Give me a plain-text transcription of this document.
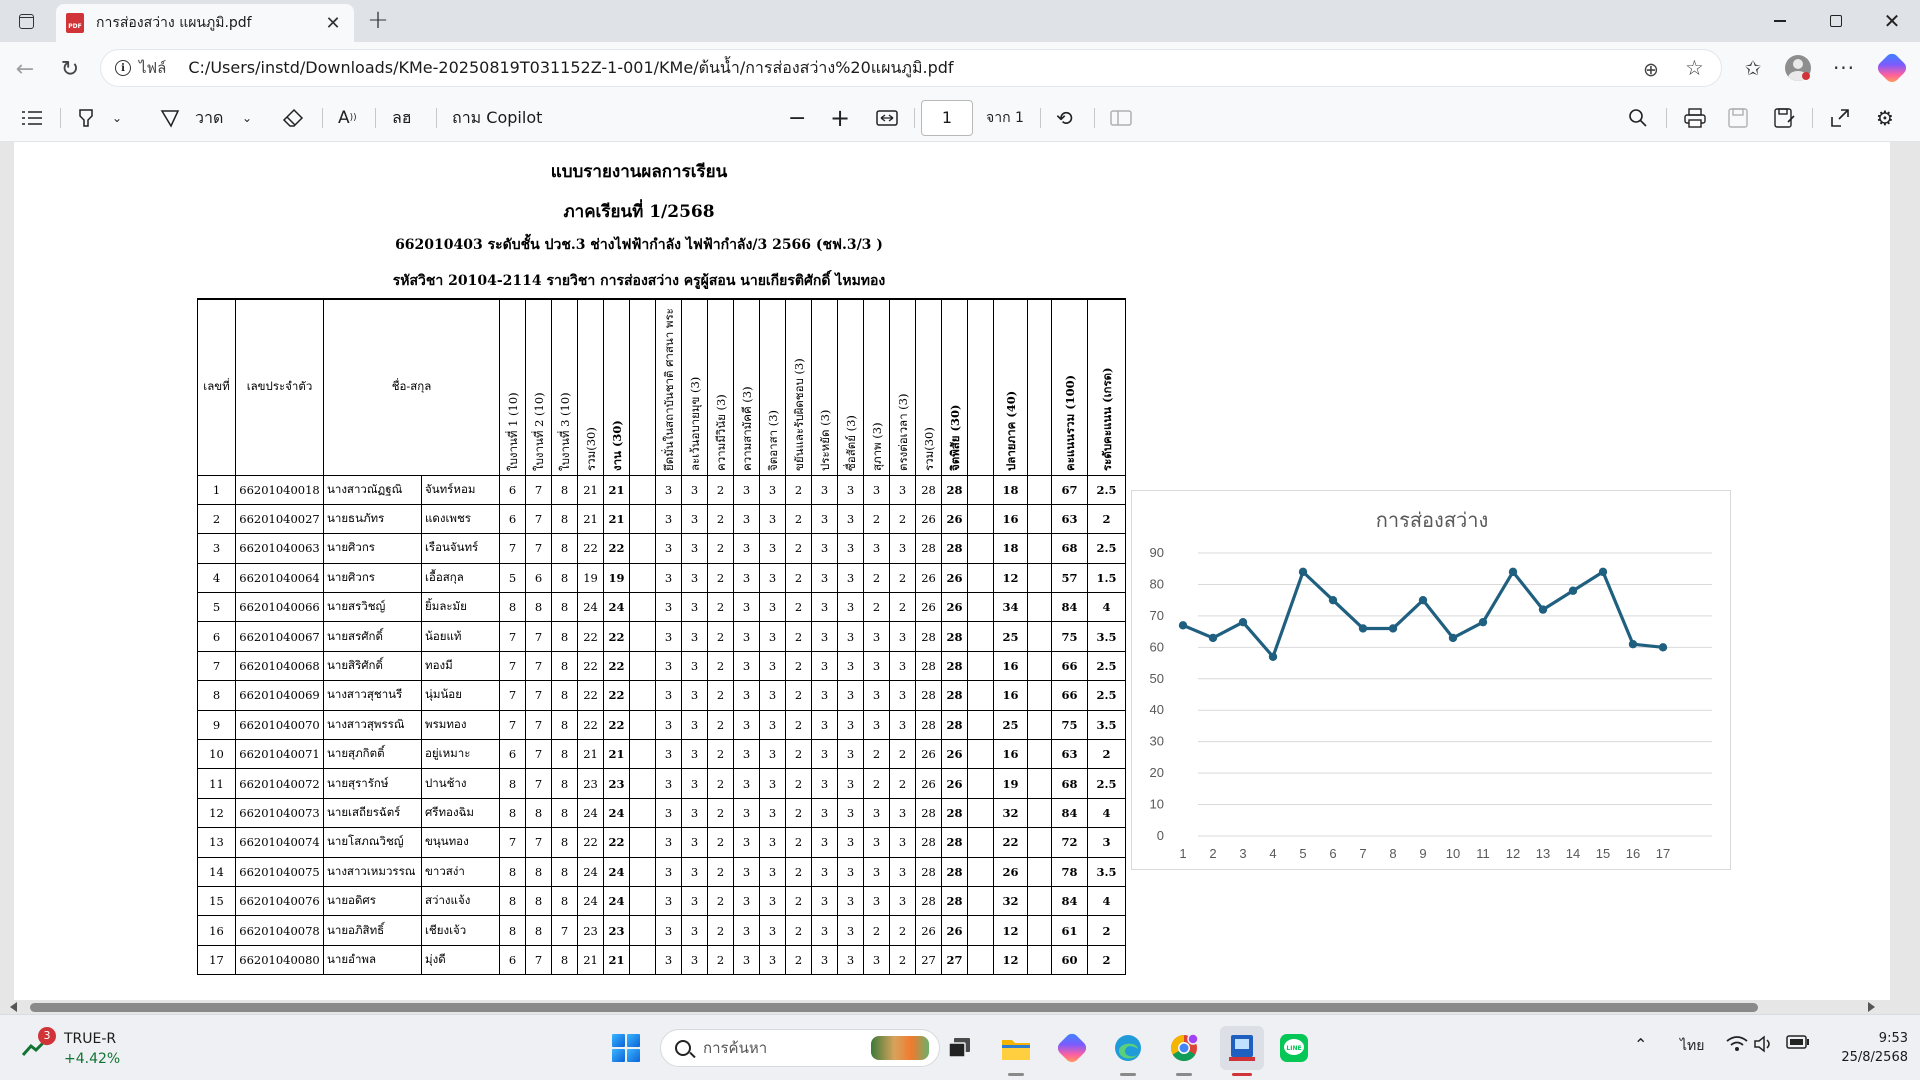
PDF การส่องสว่าง แผนภูมิ.pdf	✕ +	✕
← ↻	i ไฟล์ C:/Users/instd/Downloads/KMe-20250819T031152Z-1-001/KMe/ต้นน้ำ/การส่องสว่าง%20แผนภูมิ.pdf	⊕ ☆	✩	···
⌄	วาด ⌄	A )) ลฮ	ถาม Copilot	− +	1	จาก 1 ⟲	⚙
แบบรายงานผลการเรียน
ภาคเรียนที่ 1/2568
662010403 ระดับชั้น ปวช.3 ช่างไฟฟ้ากำลัง ไฟฟ้ากำลัง/3 2566 (ชฟ.3/3 )
รหัสวิชา 20104-2114 รายวิชา การส่องสว่าง ครูผู้สอน นายเกียรติศักดิ์ ไหมทอง
เลขที่	เลขประจำตัว	ชื่อ-สกุล		ใบงานที่ 1 (10)	ใบงานที่ 2 (10)	ใบงานที่ 3 (10)	รวม(30)	งาน (30)		ยึดมั่นในสถาบันชาติ ศาสนา พระ	ละเว้นอบายมุข (3)	ความมีวินัย (3)	ความสามัคคี (3)	จิตอาสา (3)	ขยันและรับผิดชอบ (3)	ประหยัด (3)	ซื่อสัตย์ (3)	สุภาพ (3)	ตรงต่อเวลา (3)	รวม(30)	จิตพิสัย (30)		ปลายภาค (40)		คะแนนรวม (100)	ระดับคะแนน (เกรด)
1	66201040018	นางสาวณัฏฐณิ	จันทร์หอม	6	7	8	21	21		3	3	2	3	3	2	3	3	3	3	28	28		18		67	2.5
2	66201040027	นายธนภัทร	แดงเพชร	6	7	8	21	21		3	3	2	3	3	2	3	3	2	2	26	26		16		63	2
3	66201040063	นายศิวกร	เรือนจันทร์	7	7	8	22	22		3	3	2	3	3	2	3	3	3	3	28	28		18		68	2.5
4	66201040064	นายศิวกร	เอื้อสกุล	5	6	8	19	19		3	3	2	3	3	2	3	3	2	2	26	26		12		57	1.5
5	66201040066	นายสรวิชญ์	ยิ้มละมัย	8	8	8	24	24		3	3	2	3	3	2	3	3	2	2	26	26		34		84	4
6	66201040067	นายสรศักดิ์	น้อยแท้	7	7	8	22	22		3	3	2	3	3	2	3	3	3	3	28	28		25		75	3.5
7	66201040068	นายสิริศักดิ์	ทองมี	7	7	8	22	22		3	3	2	3	3	2	3	3	3	3	28	28		16		66	2.5
8	66201040069	นางสาวสุชานรี	นุ่มน้อย	7	7	8	22	22		3	3	2	3	3	2	3	3	3	3	28	28		16		66	2.5
9	66201040070	นางสาวสุพรรณิ	พรมทอง	7	7	8	22	22		3	3	2	3	3	2	3	3	3	3	28	28		25		75	3.5
10	66201040071	นายสุภกิตติ์	อยู่เหมาะ	6	7	8	21	21		3	3	2	3	3	2	3	3	2	2	26	26		16		63	2
11	66201040072	นายสุรารักษ์	ปานช้าง	8	7	8	23	23		3	3	2	3	3	2	3	3	2	2	26	26		19		68	2.5
12	66201040073	นายเสถียรฉัตร์	ศรีทองฉิม	8	8	8	24	24		3	3	2	3	3	2	3	3	3	3	28	28		32		84	4
13	66201040074	นายโสภณวิชญ์	ขนุนทอง	7	7	8	22	22		3	3	2	3	3	2	3	3	3	3	28	28		22		72	3
14	66201040075	นางสาวเหมวรรณ	ขาวสง่า	8	8	8	24	24		3	3	2	3	3	2	3	3	3	3	28	28		26		78	3.5
15	66201040076	นายอดิศร	สว่างแจ้ง	8	8	8	24	24		3	3	2	3	3	2	3	3	3	3	28	28		32		84	4
16	66201040078	นายอภิสิทธิ์	เชียงเจ้ว	8	8	7	23	23		3	3	2	3	3	2	3	3	2	2	26	26		12		61	2
17	66201040080	นายอำพล	มุ่งดี	6	7	8	21	21		3	3	2	3	3	2	3	3	3	2	27	27		12		60	2
การส่องสว่าง
0
10
20
30
40
50
60
70
80
90
1 2 3 4 5 6 7 8 9 10 11 12 13 14 15 16 17
3 TRUE-R
+4.42%
การค้นหา	LINE	⌃ ไทย	9:53
25/8/2568
